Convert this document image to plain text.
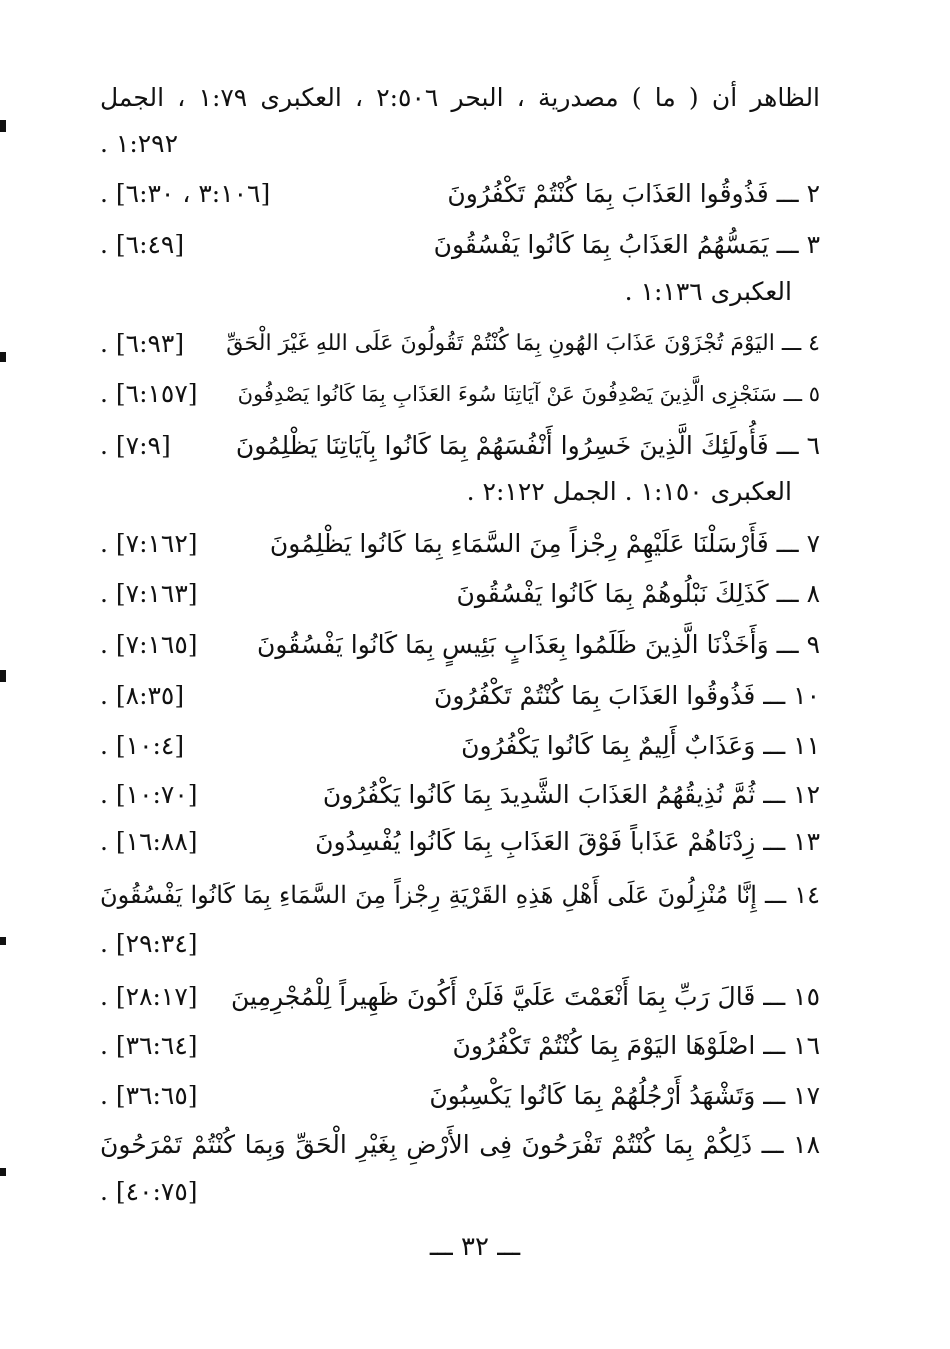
الظاهر أن ( ما ) مصدرية ، البحر ٢:٥٠٦ ، العكبرى ١:٧٩ ، الجمل
١:٢٩٢ .
٢ ـــ فَذُوقُوا العَذَابَ بِمَا كُنْتُمْ تَكْفُرُونَ
[٣:١٠٦ ، ٦:٣٠] .
٣ ـــ يَمَسُّهُمُ العَذَابُ بِمَا كَانُوا يَفْسُقُونَ
[٦:٤٩] .
العكبرى ١:١٣٦ .
٤ ـــ اليَوْمَ تُجْزَوْنَ عَذَابَ الهُونِ بِمَا كُنْتُمْ تَقُولُونَ عَلَى اللهِ غَيْرَ الْحَقِّ
[٦:٩٣] .
٥ ـــ سَنَجْزِى الَّذِينَ يَصْدِفُونَ عَنْ آيَاتِنَا سُوءَ العَذَابِ بِمَا كَانُوا يَصْدِفُونَ
[٦:١٥٧] .
٦ ـــ فَأُولَئِكَ الَّذِينَ خَسِرُوا أَنْفُسَهُمْ بِمَا كَانُوا بِآيَاتِنَا يَظْلِمُونَ
[٧:٩] .
العكبرى ١:١٥٠ . الجمل ٢:١٢٢ .
٧ ـــ فَأَرْسَلْنَا عَلَيْهِمْ رِجْزاً مِنَ السَّمَاءِ بِمَا كَانُوا يَظْلِمُونَ
[٧:١٦٢] .
٨ ـــ كَذَلِكَ نَبْلُوهُمْ بِمَا كَانُوا يَفْسُقُونَ
[٧:١٦٣] .
٩ ـــ وَأَخَذْنَا الَّذِينَ ظَلَمُوا بِعَذَابٍ بَئِيسٍ بِمَا كَانُوا يَفْسُقُونَ
[٧:١٦٥] .
١٠ ـــ فَذُوقُوا العَذَابَ بِمَا كُنْتُمْ تَكْفُرُونَ
[٨:٣٥] .
١١ ـــ وَعَذَابٌ أَلِيمٌ بِمَا كَانُوا يَكْفُرُونَ
[١٠:٤] .
١٢ ـــ ثُمَّ نُذِيقُهُمُ العَذَابَ الشَّدِيدَ بِمَا كَانُوا يَكْفُرُونَ
[١٠:٧٠] .
١٣ ـــ زِدْنَاهُمْ عَذَاباً فَوْقَ العَذَابِ بِمَا كَانُوا يُفْسِدُونَ
[١٦:٨٨] .
١٤ ـــ إِنَّا مُنْزِلُونَ عَلَى أَهْلِ هَذِهِ القَرْيَةِ رِجْزاً مِنَ السَّمَاءِ بِمَا كَانُوا يَفْسُقُونَ
[٢٩:٣٤] .
١٥ ـــ قَالَ رَبِّ بِمَا أَنْعَمْتَ عَلَيَّ فَلَنْ أَكُونَ ظَهِيراً لِلْمُجْرِمِينَ
[٢٨:١٧] .
١٦ ـــ اصْلَوْهَا اليَوْمَ بِمَا كُنْتُمْ تَكْفُرُونَ
[٣٦:٦٤] .
١٧ ـــ وَتَشْهَدُ أَرْجُلُهُمْ بِمَا كَانُوا يَكْسِبُونَ
[٣٦:٦٥] .
١٨ ـــ ذَلِكُمْ بِمَا كُنْتُمْ تَفْرَحُونَ فِى الأَرْضِ بِغَيْرِ الْحَقِّ وَبِمَا كُنْتُمْ تَمْرَحُونَ
[٤٠:٧٥] .
ـــ ٣٢ ـــ
